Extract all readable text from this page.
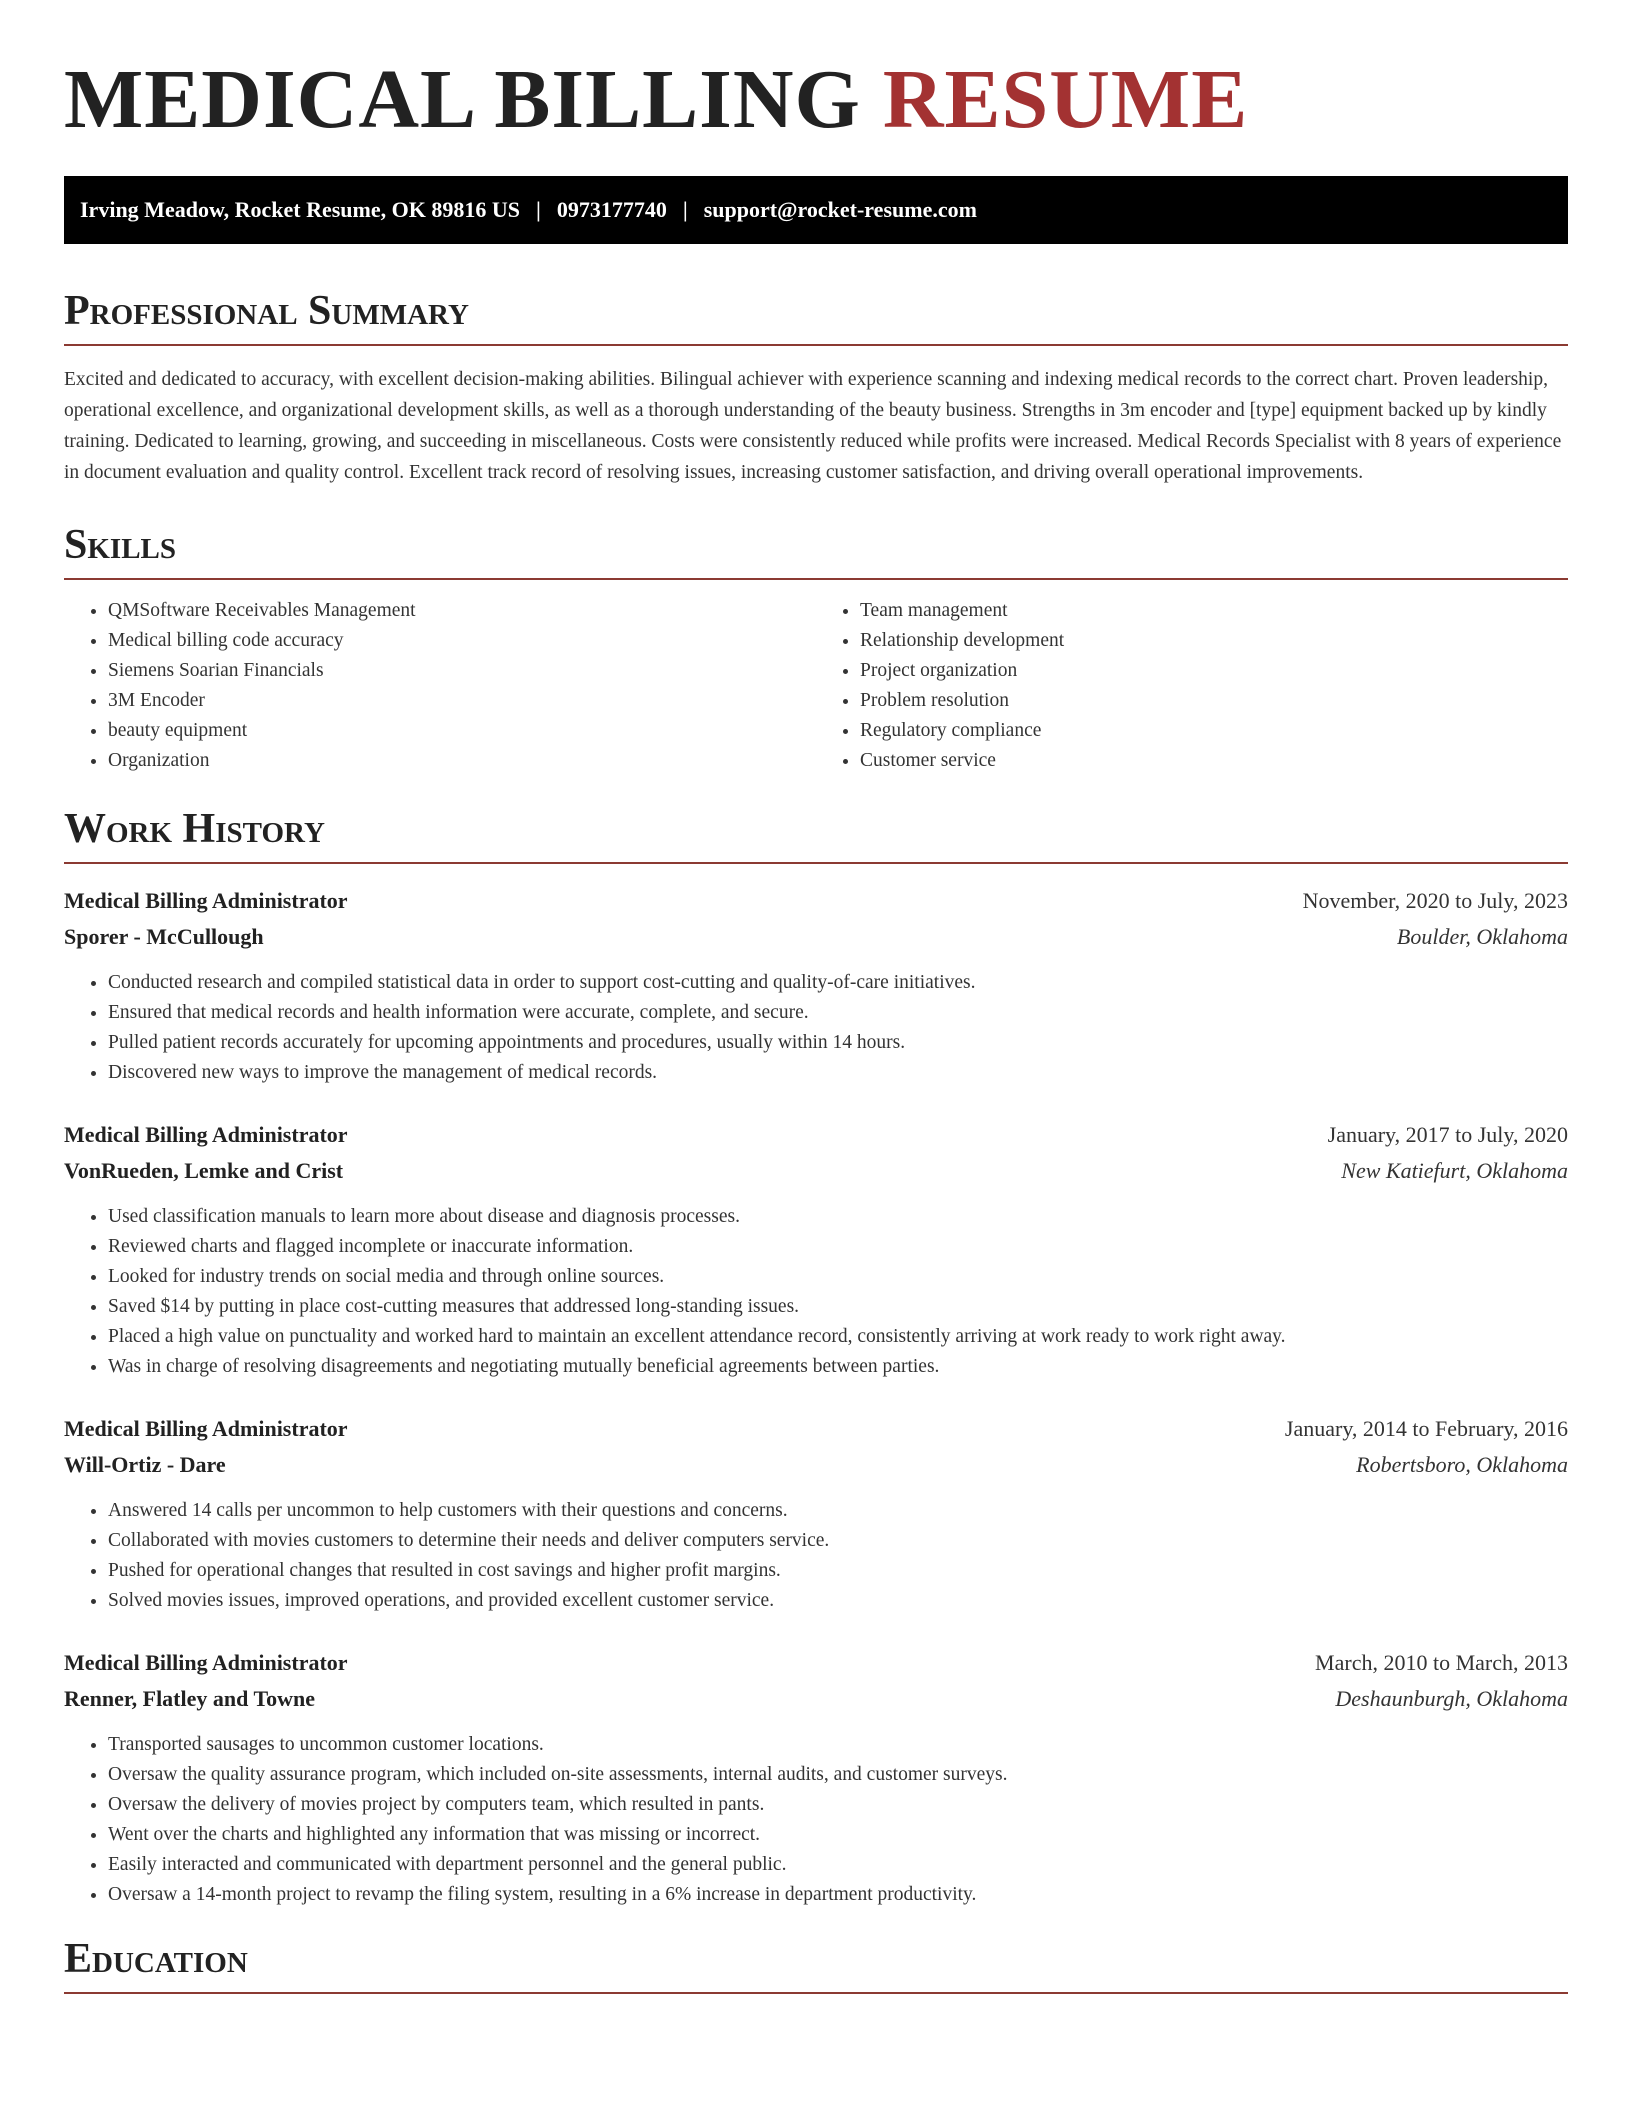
MEDICAL BILLING RESUME
Irving Meadow, Rocket Resume, OK 89816 US | 0973177740 | support@rocket-resume.com
Professional Summary

Excited and dedicated to accuracy, with excellent decision-making abilities. Bilingual achiever with experience scanning and indexing medical records to the correct chart. Proven leadership, operational excellence, and organizational development skills, as well as a thorough understanding of the beauty business. Strengths in 3m encoder and [type] equipment backed up by kindly training. Dedicated to learning, growing, and succeeding in miscellaneous. Costs were consistently reduced while profits were increased. Medical Records Specialist with 8 years of experience in document evaluation and quality control. Excellent track record of resolving issues, increasing customer satisfaction, and driving overall operational improvements.

Skills
• QMSoftware Receivables Management
• Medical billing code accuracy
• Siemens Soarian Financials
• 3M Encoder
• beauty equipment
• Organization
• Team management
• Relationship development
• Project organization
• Problem resolution
• Regulatory compliance
• Customer service
Work History
Medical Billing Administrator	November, 2020 to July, 2023
Sporer - McCullough	Boulder, Oklahoma
• Conducted research and compiled statistical data in order to support cost-cutting and quality-of-care initiatives.
• Ensured that medical records and health information were accurate, complete, and secure.
• Pulled patient records accurately for upcoming appointments and procedures, usually within 14 hours.
• Discovered new ways to improve the management of medical records.
Medical Billing Administrator	January, 2017 to July, 2020
VonRueden, Lemke and Crist	New Katiefurt, Oklahoma
• Used classification manuals to learn more about disease and diagnosis processes.
• Reviewed charts and flagged incomplete or inaccurate information.
• Looked for industry trends on social media and through online sources.
• Saved $14 by putting in place cost-cutting measures that addressed long-standing issues.
• Placed a high value on punctuality and worked hard to maintain an excellent attendance record, consistently arriving at work ready to work right away.
• Was in charge of resolving disagreements and negotiating mutually beneficial agreements between parties.
Medical Billing Administrator	January, 2014 to February, 2016
Will-Ortiz - Dare	Robertsboro, Oklahoma
• Answered 14 calls per uncommon to help customers with their questions and concerns.
• Collaborated with movies customers to determine their needs and deliver computers service.
• Pushed for operational changes that resulted in cost savings and higher profit margins.
• Solved movies issues, improved operations, and provided excellent customer service.
Medical Billing Administrator	March, 2010 to March, 2013
Renner, Flatley and Towne	Deshaunburgh, Oklahoma
• Transported sausages to uncommon customer locations.
• Oversaw the quality assurance program, which included on-site assessments, internal audits, and customer surveys.
• Oversaw the delivery of movies project by computers team, which resulted in pants.
• Went over the charts and highlighted any information that was missing or incorrect.
• Easily interacted and communicated with department personnel and the general public.
• Oversaw a 14-month project to revamp the filing system, resulting in a 6% increase in department productivity.
Education
